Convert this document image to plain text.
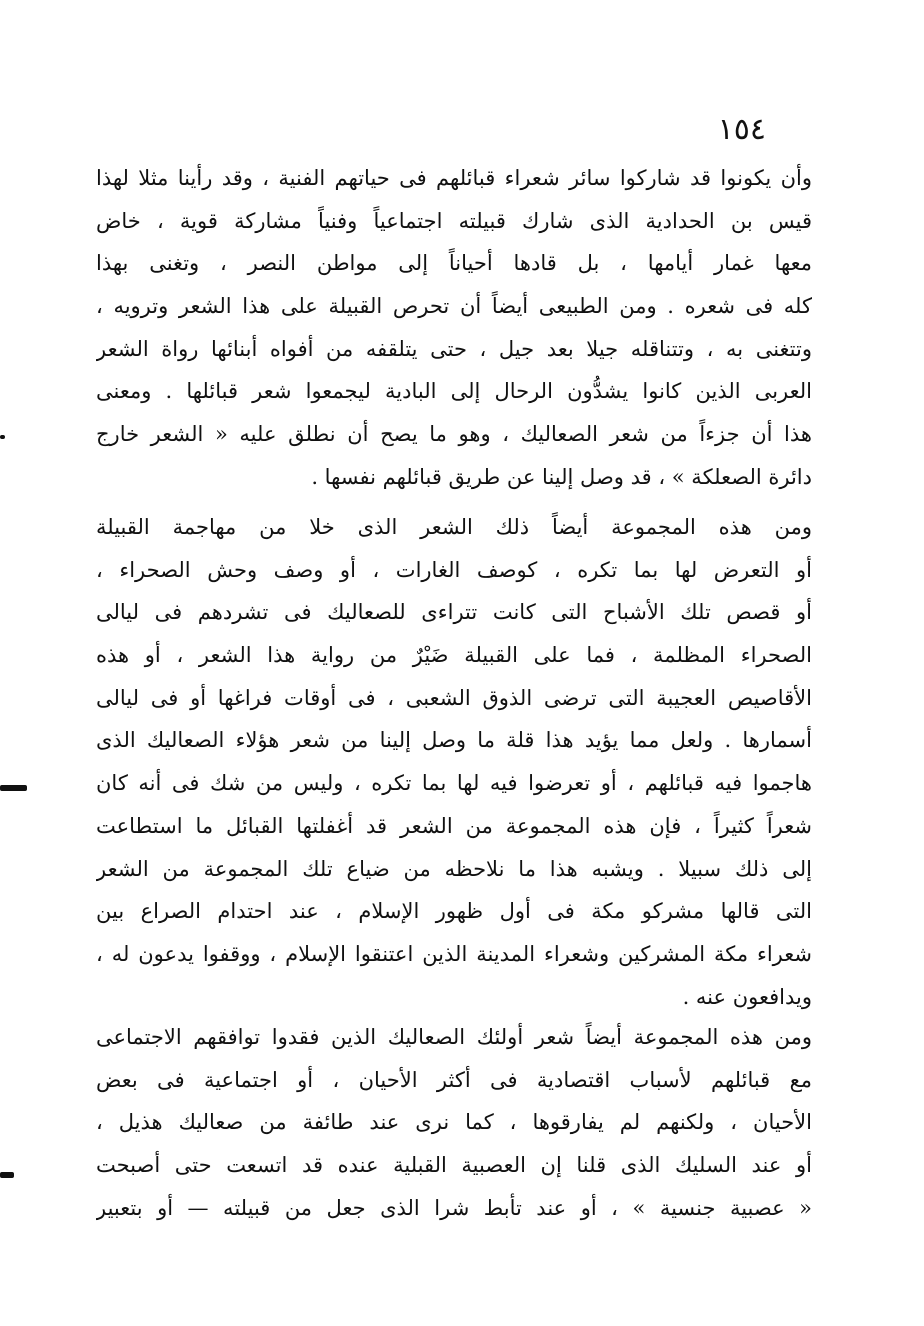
١٥٤
وأن يكونوا قد شاركوا سائر شعراء قبائلهم فى حياتهم الفنية ، وقد رأينا مثلا لهذا
قيس بن الحدادية الذى شارك قبيلته اجتماعياً وفنياً مشاركة قوية ، خاض
معها غمار أيامها ، بل قادها أحياناً إلى مواطن النصر ، وتغنى بهذا
كله فى شعره . ومن الطبيعى أيضاً أن تحرص القبيلة على هذا الشعر وترويه ،
وتتغنى به ، وتتناقله جيلا بعد جيل ، حتى يتلقفه من أفواه أبنائها رواة الشعر
العربى الذين كانوا يشدُّون الرحال إلى البادية ليجمعوا شعر قبائلها . ومعنى
هذا أن جزءاً من شعر الصعاليك ، وهو ما يصح أن نطلق عليه « الشعر خارج
دائرة الصعلكة » ، قد وصل إلينا عن طريق قبائلهم نفسها .
ومن هذه المجموعة أيضاً ذلك الشعر الذى خلا من مهاجمة القبيلة
أو التعرض لها بما تكره ، كوصف الغارات ، أو وصف وحش الصحراء ،
أو قصص تلك الأشباح التى كانت تتراءى للصعاليك فى تشردهم فى ليالى
الصحراء المظلمة ، فما على القبيلة ضَيْرٌ من رواية هذا الشعر ، أو هذه
الأقاصيص العجيبة التى ترضى الذوق الشعبى ، فى أوقات فراغها أو فى ليالى
أسمارها . ولعل مما يؤيد هذا قلة ما وصل إلينا من شعر هؤلاء الصعاليك الذى
هاجموا فيه قبائلهم ، أو تعرضوا فيه لها بما تكره ، وليس من شك فى أنه كان
شعراً كثيراً ، فإن هذه المجموعة من الشعر قد أغفلتها القبائل ما استطاعت
إلى ذلك سبيلا . ويشبه هذا ما نلاحظه من ضياع تلك المجموعة من الشعر
التى قالها مشركو مكة فى أول ظهور الإسلام ، عند احتدام الصراع بين
شعراء مكة المشركين وشعراء المدينة الذين اعتنقوا الإسلام ، ووقفوا يدعون له ،
ويدافعون عنه .
ومن هذه المجموعة أيضاً شعر أولئك الصعاليك الذين فقدوا توافقهم الاجتماعى
مع قبائلهم لأسباب اقتصادية فى أكثر الأحيان ، أو اجتماعية فى بعض
الأحيان ، ولكنهم لم يفارقوها ، كما نرى عند طائفة من صعاليك هذيل ،
أو عند السليك الذى قلنا إن العصبية القبلية عنده قد اتسعت حتى أصبحت
« عصبية جنسية » ، أو عند تأبط شرا الذى جعل من قبيلته — أو بتعبير
